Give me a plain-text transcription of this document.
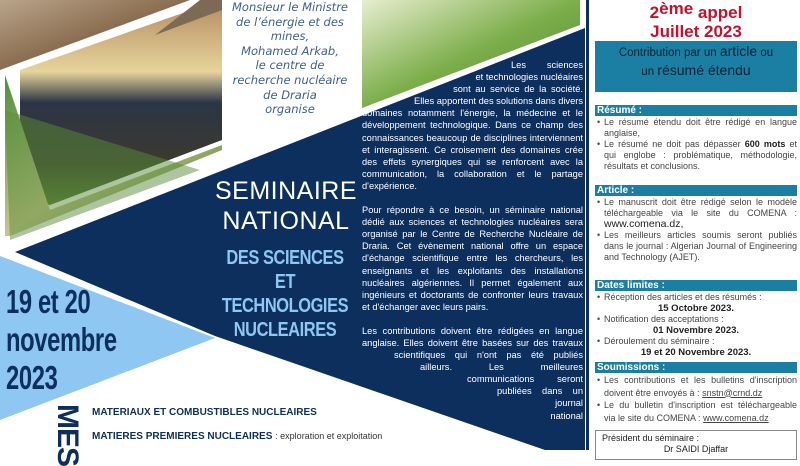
Monsieur le Ministre
de l’énergie et des
mines,
Mohamed Arkab,
le centre de
recherche nucléaire
de Draria
organise
SEMINAIRE
NATIONAL
DES SCIENCES
ET TECHNOLOGIES
NUCLEAIRES
19 et 20
novembre
2023
Les sciences
et technologies nucléaires
sont au service de la société.
Elles apportent des solutions dans divers
domaines notamment l'énergie, la médecine et le développement technologique. Dans ce champ des connaissances beaucoup de disciplines interviennent et interagissent. Ce croisement des domaines crée des effets synergiques qui se renforcent avec la communication, la collaboration et le partage d'expérience.
Pour répondre à ce besoin, un séminaire national dédié aux sciences et technologies nucléaires sera organisé par le Centre de Recherche Nucléaire de Draria. Cet évènement national offre un espace d'échange scientifique entre les chercheurs, les enseignants et les exploitants des installations nucléaires algériennes. Il permet également aux ingénieurs et doctorants de confronter leurs travaux et d'échanger avec leurs pairs.
Les contributions doivent être rédigées en langue
anglaise. Elles doivent être basées sur des travaux
scientifiques qui n'ont pas été publiés
ailleurs. Les meilleures
communications seront
publiées dans un
journal
national
MES MATERIAUX ET COMBUSTIBLES NUCLEAIRES
MATIERES PREMIERES NUCLEAIRES : exploration et exploitation
2ème appel
Juillet 2023
Contribution par un article ou
un résumé étendu
Résumé :
• Le résumé étendu doit être rédigé en langue anglaise,
• Le résumé ne doit pas dépasser 600 mots et qui englobe : problématique, méthodologie, résultats et conclusions.
Article :
• Le manuscrit doit être rédigé selon le modèle téléchargeable via le site du COMENA : www.comena.dz,
• Les meilleurs articles soumis seront publiés dans le journal : Algerian Journal of Engineering and Technology (AJET).
Dates limites :
• Réception des articles et des résumés :
15 Octobre 2023.
• Notification des acceptations :
01 Novembre 2023.
• Déroulement du séminaire :
19 et 20 Novembre 2023.
Soumissions :
• Les contributions et les bulletins d'inscription doivent être envoyés à : snstn@crnd.dz
• Le du bulletin d'inscription est téléchargeable via le site du COMENA : www.comena.dz
Président du séminaire :
Dr SAIDI Djaffar
